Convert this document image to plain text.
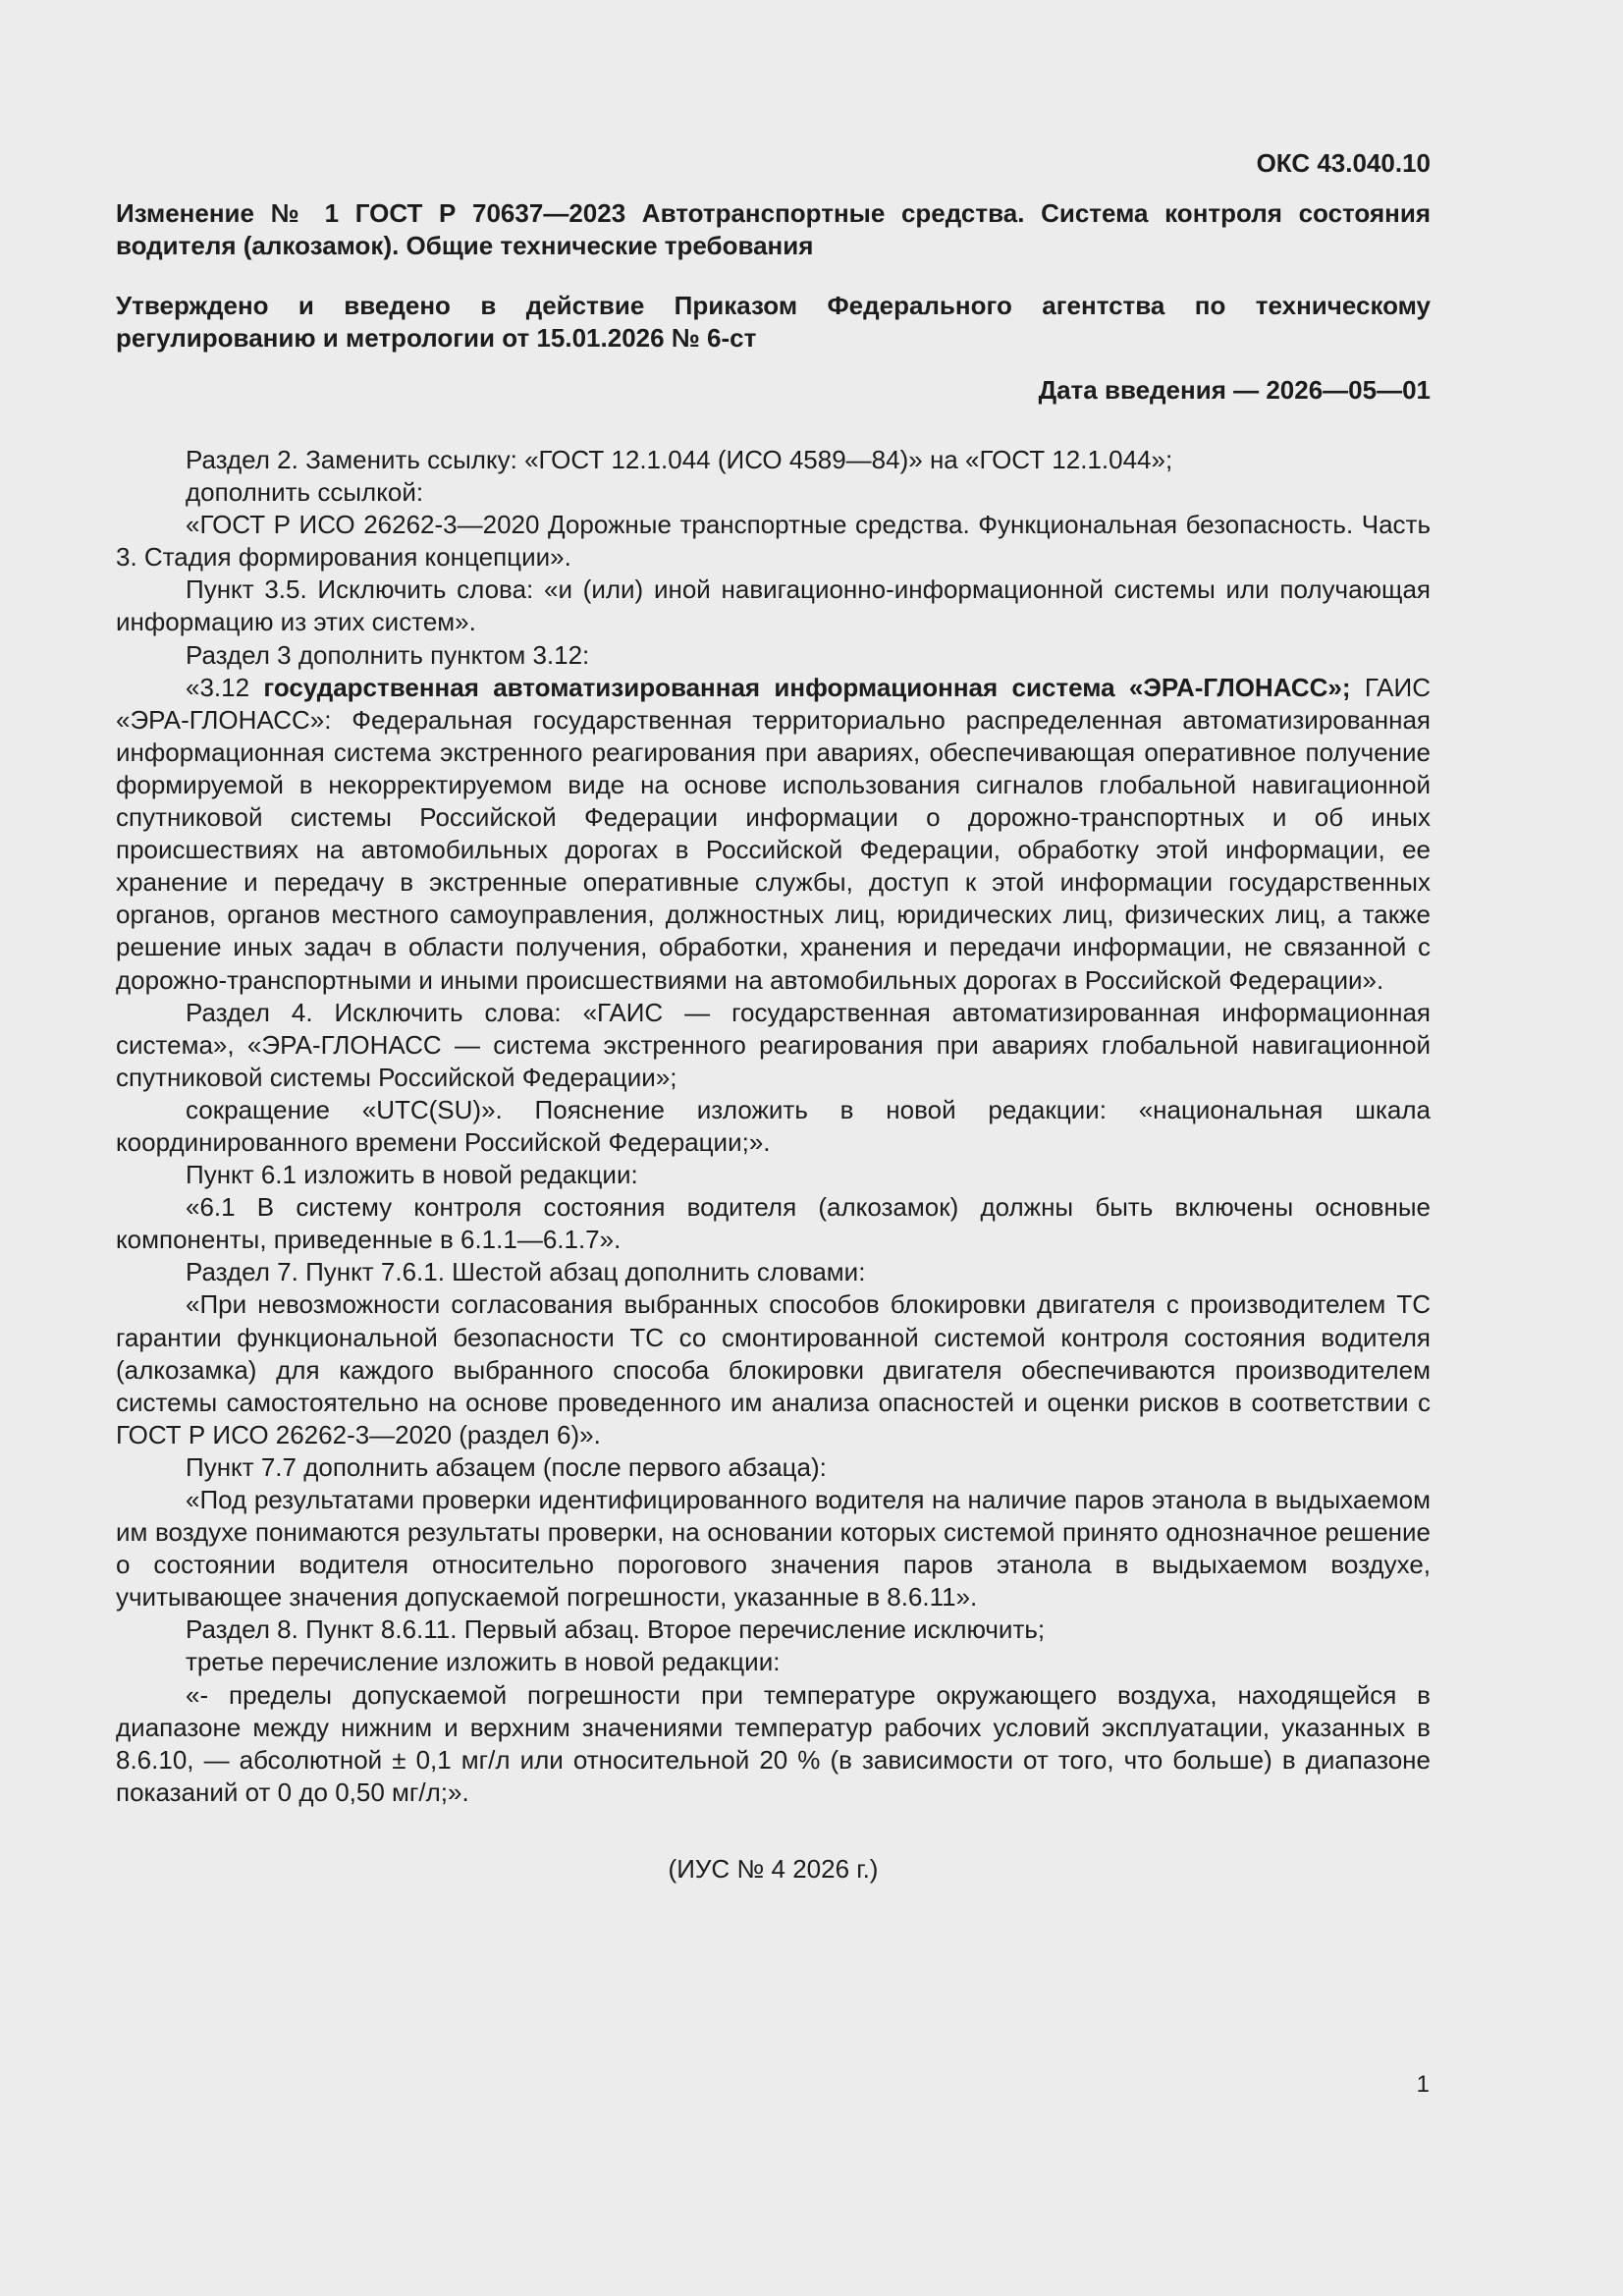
ОКС 43.040.10
Изменение № 1 ГОСТ Р 70637—2023 Автотранспортные средства. Система контроля состояния водителя (алкозамок). Общие технические требования
Утверждено и введено в действие Приказом Федерального агентства по техническому регулированию и метрологии от 15.01.2026 № 6-ст
Дата введения — 2026—05—01

Раздел 2. Заменить ссылку: «ГОСТ 12.1.044 (ИСО 4589—84)» на «ГОСТ 12.1.044»;

дополнить ссылкой:

«ГОСТ Р ИСО 26262-3—2020 Дорожные транспортные средства. Функциональная безопасность. Часть 3. Стадия формирования концепции».

Пункт 3.5. Исключить слова: «и (или) иной навигационно-информационной системы или получающая информацию из этих систем».

Раздел 3 дополнить пунктом 3.12:

«3.12 государственная автоматизированная информационная система «ЭРА-ГЛОНАСС»; ГАИС «ЭРА-ГЛОНАСС»: Федеральная государственная территориально распределенная автоматизированная информационная система экстренного реагирования при авариях, обеспечивающая оперативное получение формируемой в некорректируемом виде на основе использования сигналов глобальной навигационной спутниковой системы Российской Федерации информации о дорожно-транспортных и об иных происшествиях на автомобильных дорогах в Российской Федерации, обработку этой информации, ее хранение и передачу в экстренные оперативные службы, доступ к этой информации государственных органов, органов местного самоуправления, должностных лиц, юридических лиц, физических лиц, а также решение иных задач в области получения, обработки, хранения и передачи информации, не связанной с дорожно-транспортными и иными происшествиями на автомобильных дорогах в Российской Федерации».

Раздел 4. Исключить слова: «ГАИС — государственная автоматизированная информационная система», «ЭРА-ГЛОНАСС — система экстренного реагирования при авариях глобальной навигационной спутниковой системы Российской Федерации»;

сокращение «UTC(SU)». Пояснение изложить в новой редакции: «национальная шкала координированного времени Российской Федерации;».

Пункт 6.1 изложить в новой редакции:

«6.1 В систему контроля состояния водителя (алкозамок) должны быть включены основные компоненты, приведенные в 6.1.1—6.1.7».

Раздел 7. Пункт 7.6.1. Шестой абзац дополнить словами:

«При невозможности согласования выбранных способов блокировки двигателя с производителем ТС гарантии функциональной безопасности ТС со смонтированной системой контроля состояния водителя (алкозамка) для каждого выбранного способа блокировки двигателя обеспечиваются производителем системы самостоятельно на основе проведенного им анализа опасностей и оценки рисков в соответствии с ГОСТ Р ИСО 26262-3—2020 (раздел 6)».

Пункт 7.7 дополнить абзацем (после первого абзаца):

«Под результатами проверки идентифицированного водителя на наличие паров этанола в выдыхаемом им воздухе понимаются результаты проверки, на основании которых системой принято однозначное решение о состоянии водителя относительно порогового значения паров этанола в выдыхаемом воздухе, учитывающее значения допускаемой погрешности, указанные в 8.6.11».

Раздел 8. Пункт 8.6.11. Первый абзац. Второе перечисление исключить;

третье перечисление изложить в новой редакции:

«- пределы допускаемой погрешности при температуре окружающего воздуха, находящейся в диапазоне между нижним и верхним значениями температур рабочих условий эксплуатации, указанных в 8.6.10, — абсолютной ± 0,1 мг/л или относительной 20 % (в зависимости от того, что больше) в диапазоне показаний от 0 до 0,50 мг/л;».

(ИУС № 4 2026 г.)
1
